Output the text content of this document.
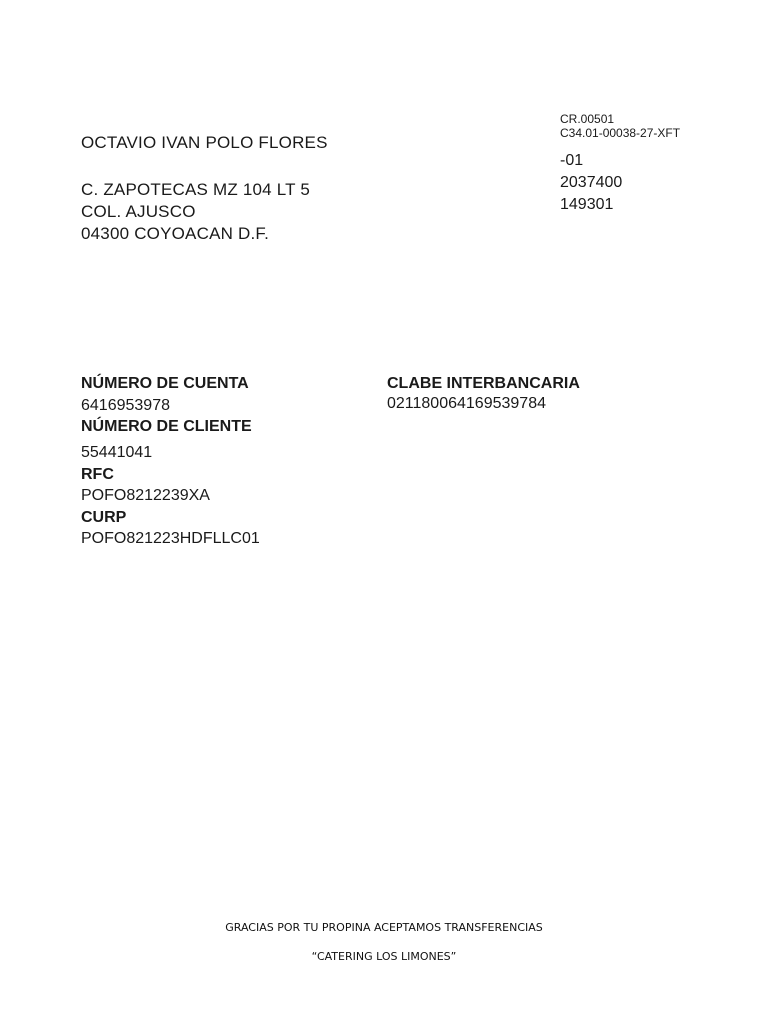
OCTAVIO IVAN POLO FLORES
C. ZAPOTECAS MZ 104 LT 5
COL. AJUSCO
04300 COYOACAN D.F.
CR.00501
C34.01-00038-27-XFT
-01
2037400
149301
NÚMERO DE CUENTA
6416953978
NÚMERO DE CLIENTE
55441041
RFC
POFO8212239XA
CURP
POFO821223HDFLLC01
CLABE INTERBANCARIA
021180064169539784
GRACIAS POR TU PROPINA ACEPTAMOS TRANSFERENCIAS
“CATERING LOS LIMONES”
